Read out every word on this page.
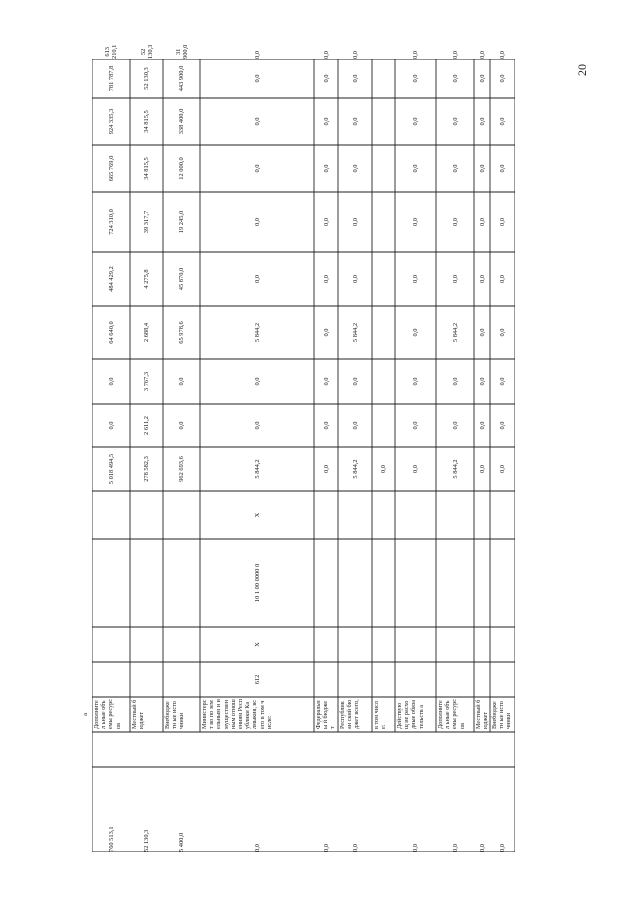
20
а Дополнител ьные объемы ресурсов
5 018 494,5
0,0
0,0
64 640,0
484 429,2
724 310,0
665 769,0
924 335,3
781 787,8
613 210,1
760 513,1
Местный бюджет
278 582,3
2 611,2
3 767,3
2 688,4
4 275,8
39 317,7
34 815,5
34 815,5
52 130,3
52 130,3
52 130,3
Внебюджетн ые источники
962 693,6
0,0
0,0
65 978,6
45 870,0
19 245,0
12 000,0
338 400,0
443 900,0
31 900,0
5 400,0
Министерст во по земельным и имуществен ным отношениям Республики Калмыкия, всего в том числе:
612
X
10 1 00 0000 0
X
5 844,2
0,0
0,0
5 844,2
0,0
0,0
0,0
0,0
0,0
0,0
0,0
Федеральны й бюджет
0,0
0,0
0,0
0,0
0,0
0,0
0,0
0,0
0,0
0,0
0,0
Республикан ский бюджет всего,
5 844,2
0,0
0,0
5 844,2
0,0
0,0
0,0
0,0
0,0
0,0
0,0
в том числе:
0,0
Действующ ие расходные обязательств а
0,0
0,0
0,0
0,0
0,0
0,0
0,0
0,0
0,0
0,0
0,0
Дополнител ьные объемы ресурсов
5 844,2
0,0
0,0
5 844,2
0,0
0,0
0,0
0,0
0,0
0,0
0,0
Местный бюджет
0,0
0,0
0,0
0,0
0,0
0,0
0,0
0,0
0,0
0,0
0,0
Внебюджетн ые источники
0,0
0,0
0,0
0,0
0,0
0,0
0,0
0,0
0,0
0,0
0,0
